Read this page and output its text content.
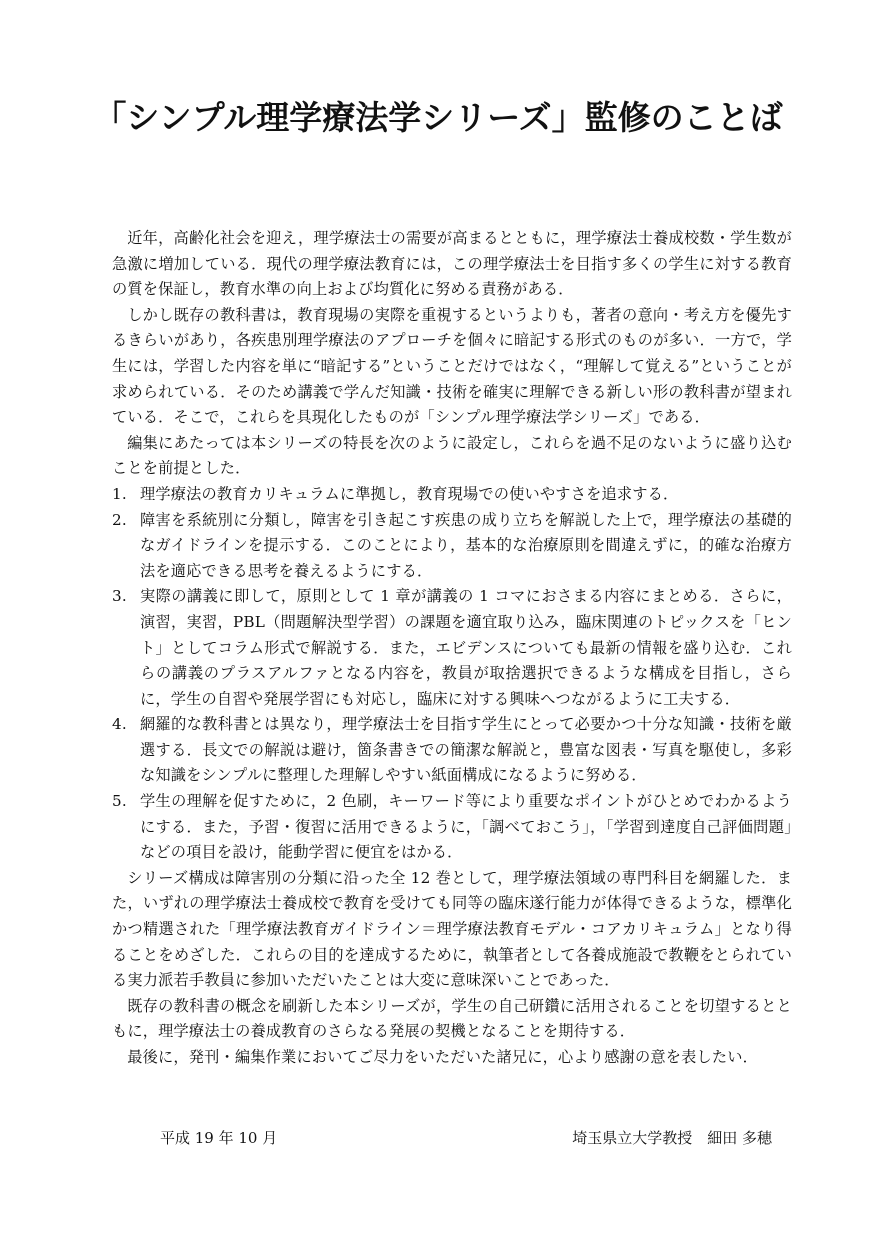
「シンプル理学療法学シリーズ」監修のことば

近年，高齢化社会を迎え，理学療法士の需要が高まるとともに，理学療法士養成校数・学生数が急激に増加している．現代の理学療法教育には，この理学療法士を目指す多くの学生に対する教育の質を保証し，教育水準の向上および均質化に努める責務がある．

しかし既存の教科書は，教育現場の実際を重視するというよりも，著者の意向・考え方を優先するきらいがあり，各疾患別理学療法のアプローチを個々に暗記する形式のものが多い．一方で，学生には，学習した内容を単に“暗記する”ということだけではなく，“理解して覚える”ということが求められている．そのため講義で学んだ知識・技術を確実に理解できる新しい形の教科書が望まれている．そこで，これらを具現化したものが「シンプル理学療法学シリーズ」である．

編集にあたっては本シリーズの特長を次のように設定し，これらを過不足のないように盛り込むことを前提とした．

1. 理学療法の教育カリキュラムに準拠し，教育現場での使いやすさを追求する．
2. 障害を系統別に分類し，障害を引き起こす疾患の成り立ちを解説した上で，理学療法の基礎的なガイドラインを提示する．このことにより，基本的な治療原則を間違えずに，的確な治療方法を適応できる思考を養えるようにする．
3. 実際の講義に即して，原則として 1 章が講義の 1 コマにおさまる内容にまとめる．さらに，演習，実習，PBL（問題解決型学習）の課題を適宜取り込み，臨床関連のトピックスを「ヒント」としてコラム形式で解説する．また，エビデンスについても最新の情報を盛り込む．これらの講義のプラスアルファとなる内容を，教員が取捨選択できるような構成を目指し，さらに，学生の自習や発展学習にも対応し，臨床に対する興味へつながるように工夫する．
4. 網羅的な教科書とは異なり，理学療法士を目指す学生にとって必要かつ十分な知識・技術を厳選する．長文での解説は避け，箇条書きでの簡潔な解説と，豊富な図表・写真を駆使し，多彩な知識をシンプルに整理した理解しやすい紙面構成になるように努める．
5. 学生の理解を促すために，2 色刷，キーワード等により重要なポイントがひとめでわかるようにする．また，予習・復習に活用できるように，「調べておこう」，「学習到達度自己評価問題」などの項目を設け，能動学習に便宜をはかる．

シリーズ構成は障害別の分類に沿った全 12 巻として，理学療法領域の専門科目を網羅した．また，いずれの理学療法士養成校で教育を受けても同等の臨床遂行能力が体得できるような，標準化かつ精選された「理学療法教育ガイドライン＝理学療法教育モデル・コアカリキュラム」となり得ることをめざした．これらの目的を達成するために，執筆者として各養成施設で教鞭をとられている実力派若手教員に参加いただいたことは大変に意味深いことであった．

既存の教科書の概念を刷新した本シリーズが，学生の自己研鑽に活用されることを切望するとともに，理学療法士の養成教育のさらなる発展の契機となることを期待する．

最後に，発刊・編集作業においてご尽力をいただいた諸兄に，心より感謝の意を表したい．

平成 19 年 10 月	埼玉県立大学教授　細田 多穂
